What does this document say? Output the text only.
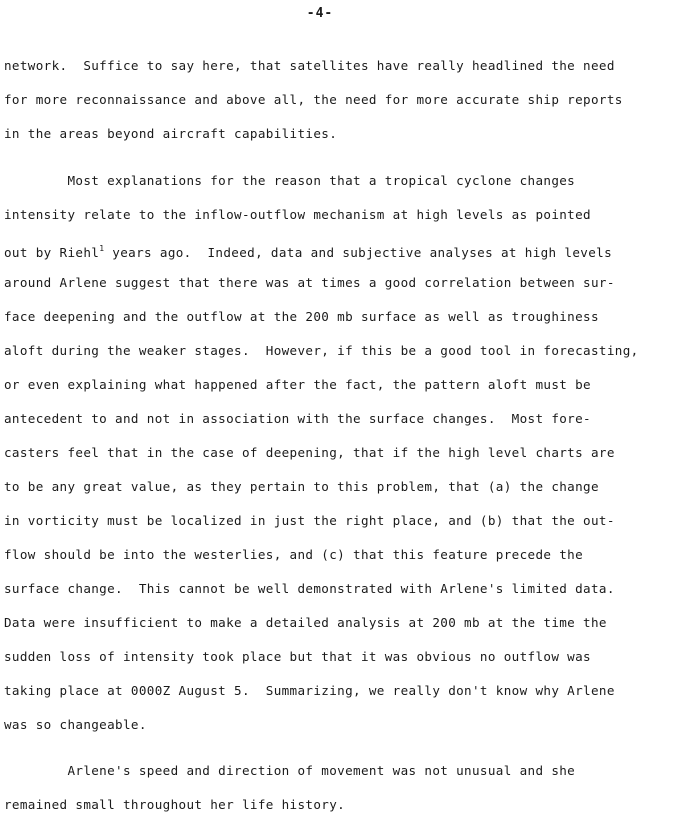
-4-
network.  Suffice to say here, that satellites have really headlined the need
for more reconnaissance and above all, the need for more accurate ship reports
in the areas beyond aircraft capabilities.
Most explanations for the reason that a tropical cyclone changes
intensity relate to the inflow-outflow mechanism at high levels as pointed
out by Riehl$^1$ years ago.  Indeed, data and subjective analyses at high levels
around Arlene suggest that there was at times a good correlation between sur-
face deepening and the outflow at the 200 mb surface as well as troughiness
aloft during the weaker stages.  However, if this be a good tool in forecasting,
or even explaining what happened after the fact, the pattern aloft must be
antecedent to and not in association with the surface changes.  Most fore-
casters feel that in the case of deepening, that if the high level charts are
to be any great value, as they pertain to this problem, that (a) the change
in vorticity must be localized in just the right place, and (b) that the out-
flow should be into the westerlies, and (c) that this feature precede the
surface change.  This cannot be well demonstrated with Arlene's limited data.
Data were insufficient to make a detailed analysis at 200 mb at the time the
sudden loss of intensity took place but that it was obvious no outflow was
taking place at 0000Z August 5.  Summarizing, we really don't know why Arlene
was so changeable.
Arlene's speed and direction of movement was not unusual and she
remained small throughout her life history.
